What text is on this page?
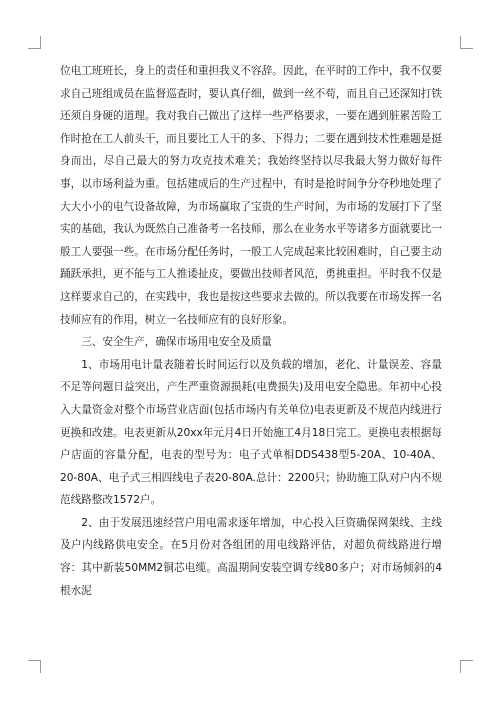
位电工班班长，身上的责任和重担我义不容辞。因此，在平时的工作中，我不仅要求自己班组成员在监督巡查时，要认真仔细，做到一丝不苟，而且自己还深知打铁还须自身硬的道理。我对我自己做出了这样一些严格要求，一要在遇到脏累苦险工作时抢在工人前头干，而且要比工人干的多、下得力；二要在遇到技术性难题是挺身而出，尽自己最大的努力攻克技术难关；我始终坚持以尽我最大努力做好每件事，以市场利益为重。包括建成后的生产过程中，有时是抢时间争分夺秒地处理了大大小小的电气设备故障，为市场赢取了宝贵的生产时间，为市场的发展打下了坚实的基础，我认为既然自己准备考一名技师，那么在业务水平等诸多方面就要比一般工人要强一些。在市场分配任务时，一般工人完成起来比较困难时，自己要主动踊跃承担，更不能与工人推诿扯皮，要做出技师者风范，勇挑重担。平时我不仅是这样要求自己的，在实践中，我也是按这些要求去做的。所以我要在市场发挥一名技师应有的作用，树立一名技师应有的良好形象。

三、安全生产，确保市场用电安全及质量

1、市场用电计量表随着长时间运行以及负载的增加，老化、计量误差、容量不足等问题日益突出，产生严重资源损耗(电费损失)及用电安全隐患。年初中心投入大量资金对整个市场营业店面(包括市场内有关单位)电表更新及不规范内线进行更换和改建。电表更新从20xx年元月4日开始施工4月18日完工。更换电表根据每户店面的容量分配，电表的型号为：电子式单相DDS438型5-20A、10-40A、20-80A、电子式三相四线电子表20-80A.总计：2200只；协助施工队对户内不规范线路整改1572户。

2、由于发展迅速经营户用电需求逐年增加，中心投入巨资确保网架线、主线及户内线路供电安全。在5月份对各组团的用电线路评估，对超负荷线路进行增容：其中新装50MM2铜芯电缆。高温期间安装空调专线80多户；对市场倾斜的4根水泥
